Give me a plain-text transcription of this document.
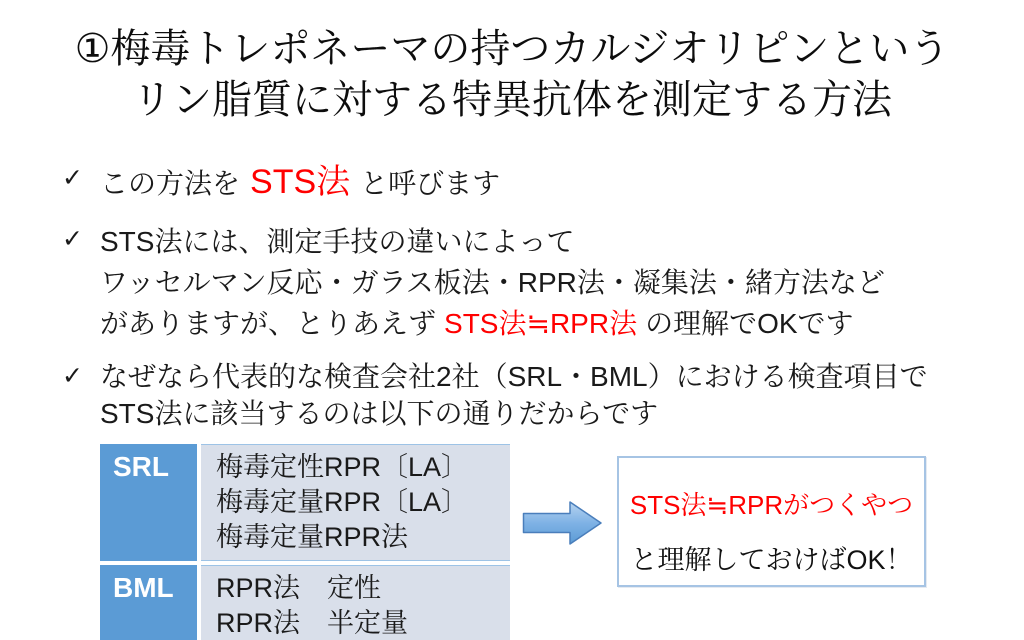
①梅毒トレポネーマの持つカルジオリピンという
リン脂質に対する特異抗体を測定する方法
✓ この方法を STS法 と呼びます
✓ STS法には、測定手技の違いによって
ワッセルマン反応・ガラス板法・RPR法・凝集法・緒方法など
がありますが、とりあえず STS法≒RPR法 の理解でOKです
✓ なぜなら代表的な検査会社2社（SRL・BML）における検査項目で
STS法に該当するのは以下の通りだからです
SRL	梅毒定性RPR〔LA〕
梅毒定量RPR〔LA〕
梅毒定量RPR法
BML	RPR法　定性
RPR法　半定量
STS法≒RPRがつくやつ
と理解しておけばOK！
